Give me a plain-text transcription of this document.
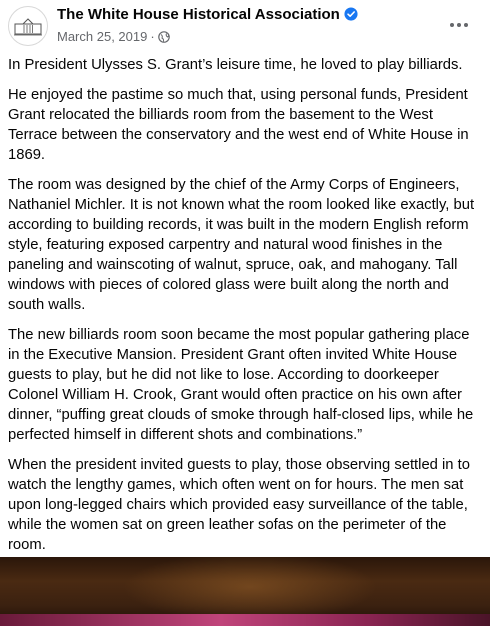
The White House Historical Association
March 25, 2019 ·

In President Ulysses S. Grant’s leisure time, he loved to play billiards.

He enjoyed the pastime so much that, using personal funds, President Grant relocated the billiards room from the basement to the West Terrace between the conservatory and the west end of White House in 1869.

The room was designed by the chief of the Army Corps of Engineers, Nathaniel Michler. It is not known what the room looked like exactly, but according to building records, it was built in the modern English reform style, featuring exposed carpentry and natural wood finishes in the paneling and wainscoting of walnut, spruce, oak, and mahogany. Tall windows with pieces of colored glass were built along the north and south walls.

The new billiards room soon became the most popular gathering place in the Executive Mansion. President Grant often invited White House guests to play, but he did not like to lose. According to doorkeeper Colonel William H. Crook, Grant would often practice on his own after dinner, “puffing great clouds of smoke through half-closed lips, while he perfected himself in different shots and combinations.”

When the president invited guests to play, those observing settled in to watch the lengthy games, which often went on for hours. The men sat upon long-legged chairs which provided easy surveillance of the table, while the women sat on green leather sofas on the perimeter of the room.
